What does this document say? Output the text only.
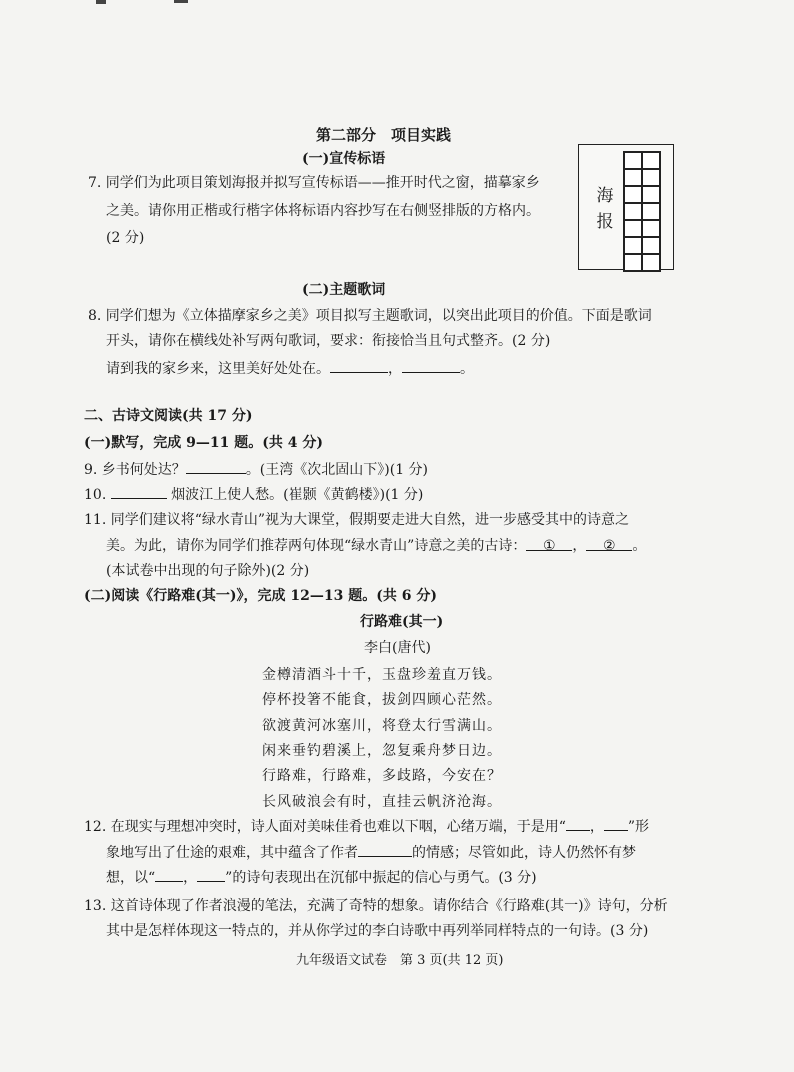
第二部分　项目实践
(一)宣传标语
7. 同学们为此项目策划海报并拟写宣传标语——推开时代之窗，描摹家乡
之美。请你用正楷或行楷字体将标语内容抄写在右侧竖排版的方格内。
(2 分)
海报
(二)主题歌词
8. 同学们想为《立体描摩家乡之美》项目拟写主题歌词，以突出此项目的价值。下面是歌词
开头，请你在横线处补写两句歌词，要求：衔接恰当且句式整齐。(2 分)
请到我的家乡来，这里美好处处在。	，	。
二、古诗文阅读(共 17 分)
(一)默写，完成 9—11 题。(共 4 分)
9. 乡书何处达？	。(王湾《次北固山下》)(1 分)
10.	烟波江上使人愁。(崔颢《黄鹤楼》)(1 分)
11. 同学们建议将“绿水青山”视为大课堂，假期要走进大自然，进一步感受其中的诗意之
美。为此，请你为同学们推荐两句体现“绿水青山”诗意之美的古诗： ① ， ② 。
(本试卷中出现的句子除外)(2 分)
(二)阅读《行路难(其一)》，完成 12—13 题。(共 6 分)
行路难(其一)
李白(唐代)
金樽清酒斗十千，玉盘珍羞直万钱。
停杯投箸不能食，拔剑四顾心茫然。
欲渡黄河冰塞川，将登太行雪满山。
闲来垂钓碧溪上，忽复乘舟梦日边。
行路难，行路难，多歧路，今安在？
长风破浪会有时，直挂云帆济沧海。
12. 在现实与理想冲突时，诗人面对美味佳肴也难以下咽，心绪万端，于是用“ ， ”形
象地写出了仕途的艰难，其中蕴含了作者	的情感；尽管如此，诗人仍然怀有梦
想，以“ ， ”的诗句表现出在沉郁中振起的信心与勇气。(3 分)
13. 这首诗体现了作者浪漫的笔法，充满了奇特的想象。请你结合《行路难(其一)》诗句，分析
其中是怎样体现这一特点的，并从你学过的李白诗歌中再列举同样特点的一句诗。(3 分)
九年级语文试卷　第 3 页(共 12 页)
